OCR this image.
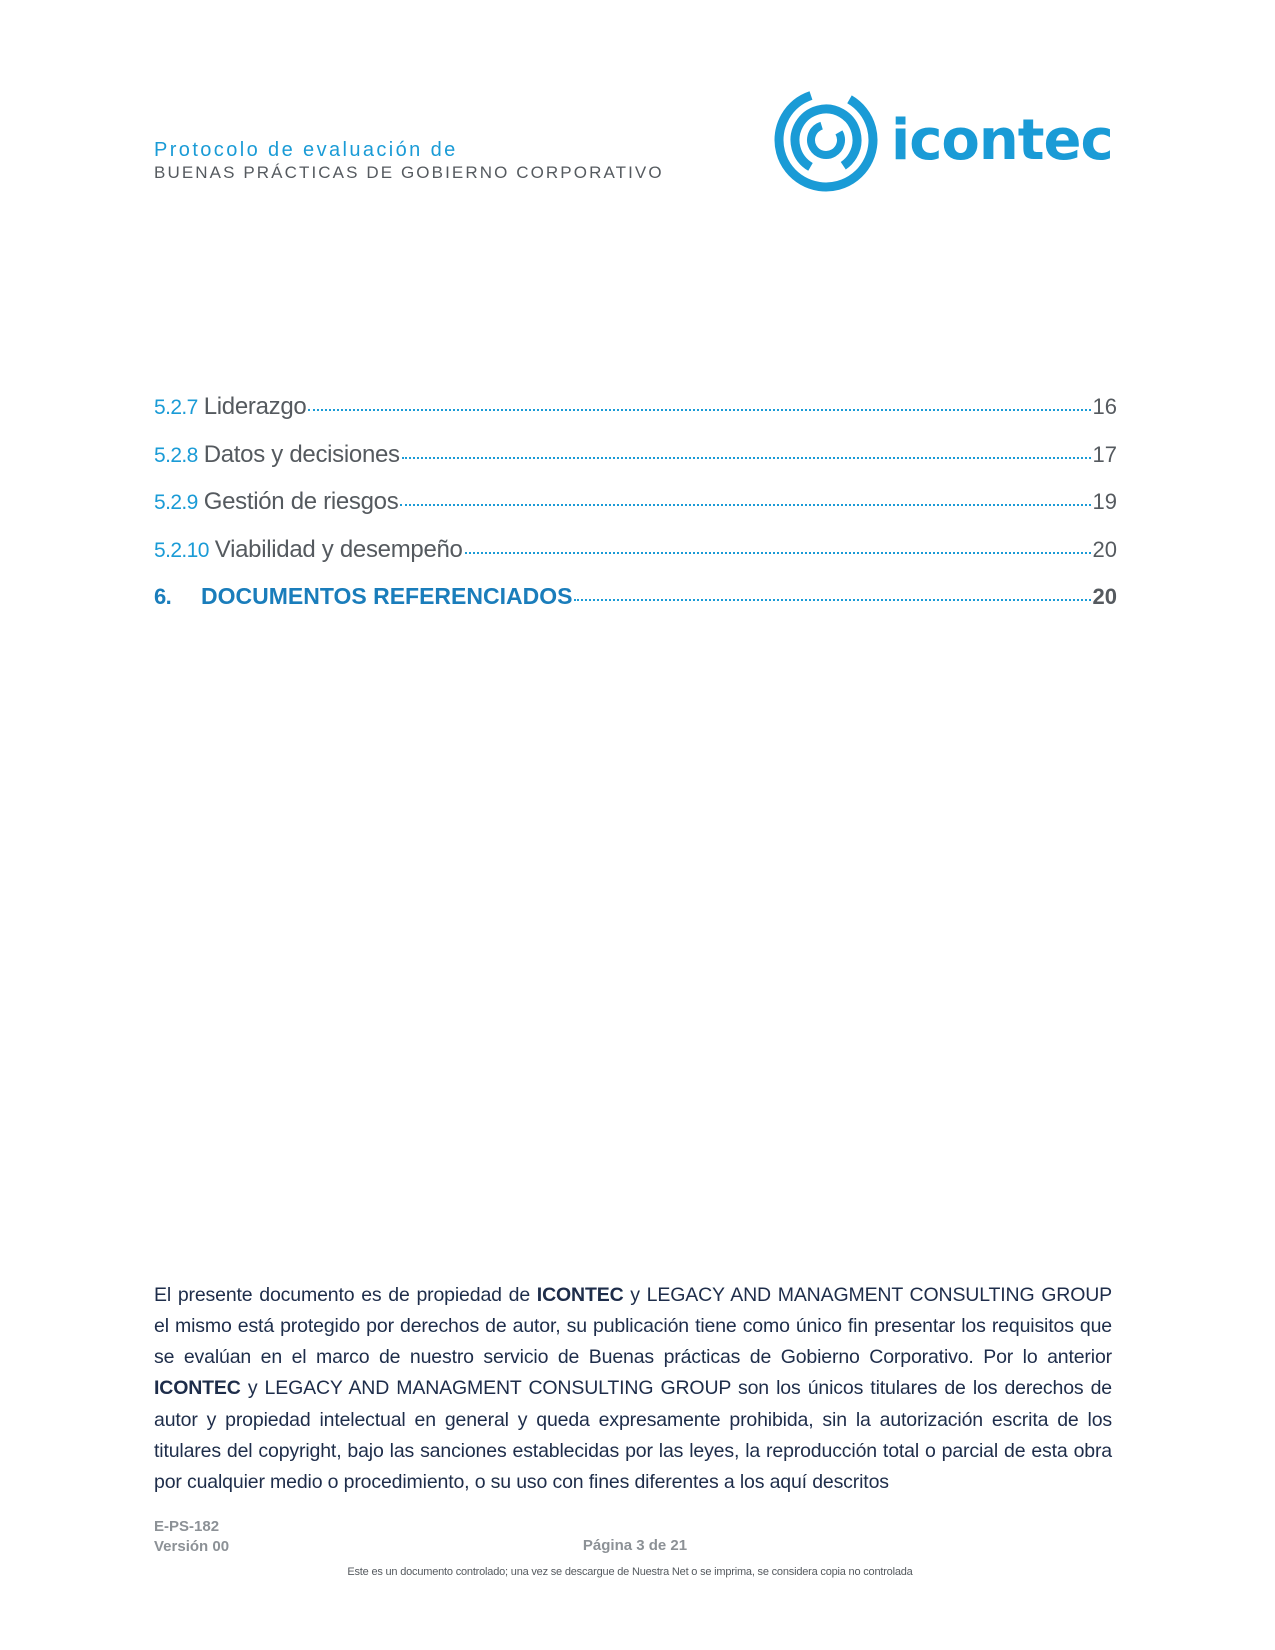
Protocolo de evaluación de
BUENAS PRÁCTICAS DE GOBIERNO CORPORATIVO	icontec
5.2.7 Liderazgo	16
5.2.8 Datos y decisiones	17
5.2.9 Gestión de riesgos	19
5.2.10 Viabilidad y desempeño	20
6.	DOCUMENTOS REFERENCIADOS	20

El presente documento es de propiedad de ICONTEC y LEGACY AND MANAGMENT CONSULTING GROUP el mismo está protegido por derechos de autor, su publicación tiene como único fin presentar los requisitos que se evalúan en el marco de nuestro servicio de Buenas prácticas de Gobierno Corporativo. Por lo anterior ICONTEC y LEGACY AND MANAGMENT CONSULTING GROUP son los únicos titulares de los derechos de autor y propiedad intelectual en general y queda expresamente prohibida, sin la autorización escrita de los titulares del copyright, bajo las sanciones establecidas por las leyes, la reproducción total o parcial de esta obra por cualquier medio o procedimiento, o su uso con fines diferentes a los aquí descritos

E-PS-182
Versión 00	Página 3 de 21
Este es un documento controlado; una vez se descargue de Nuestra Net o se imprima, se considera copia no controlada
